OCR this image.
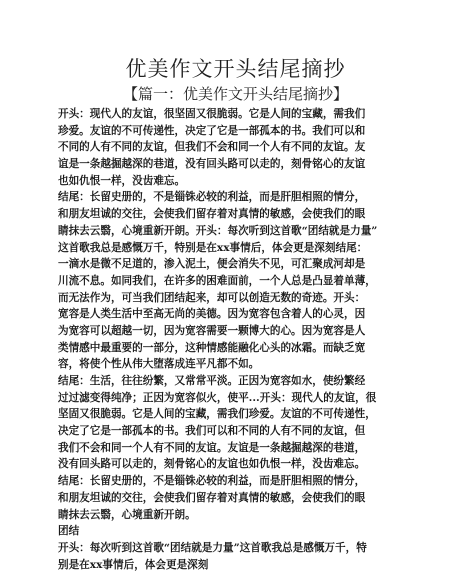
优美作文开头结尾摘抄
【篇一：优美作文开头结尾摘抄】
开头：现代人的友谊，很坚固又很脆弱。它是人间的宝藏，需我们
珍爱。友谊的不可传递性，决定了它是一部孤本的书。我们可以和
不同的人有不同的友谊，但我们不会和同一个人有不同的友谊。友
谊是一条越掘越深的巷道，没有回头路可以走的，刻骨铭心的友谊
也如仇恨一样，没齿难忘。
结尾：长留史册的，不是锱铢必较的利益，而是肝胆相照的情分，
和朋友坦诚的交往，会使我们留存着对真情的敏感，会使我们的眼
睛抹去云翳，心境重新开朗。开头：每次听到这首歌“团结就是力量”
这首歌我总是感慨万千，特别是在xx事情后，体会更是深刻结尾：
一滴水是微不足道的，渗入泥土，便会消失不见，可汇聚成河却是
川流不息。如同我们，在许多的困难面前，一个人总是凸显着单薄，
而无法作为，可当我们团结起来，却可以创造无数的奇迹。开头：
宽容是人类生活中至高无尚的美德。因为宽容包含着人的心灵，因
为宽容可以超越一切，因为宽容需要一颗博大的心。因为宽容是人
类情感中最重要的一部分，这种情感能融化心头的冰霜。而缺乏宽
容，将使个性从伟大堕落成连平凡都不如。
结尾：生活，往往纷繁，又常常平淡。正因为宽容如水，使纷繁经
过过滤变得纯净；正因为宽容似火，使平...开头：现代人的友谊，很
坚固又很脆弱。它是人间的宝藏，需我们珍爱。友谊的不可传递性，
决定了它是一部孤本的书。我们可以和不同的人有不同的友谊，但
我们不会和同一个人有不同的友谊。友谊是一条越掘越深的巷道，
没有回头路可以走的，刻骨铭心的友谊也如仇恨一样，没齿难忘。
结尾：长留史册的，不是锱铢必较的利益，而是肝胆相照的情分，
和朋友坦诚的交往，会使我们留存着对真情的敏感，会使我们的眼
睛抹去云翳，心境重新开朗。
团结
开头：每次听到这首歌“团结就是力量”这首歌我总是感慨万千，特
别是在xx事情后，体会更是深刻
